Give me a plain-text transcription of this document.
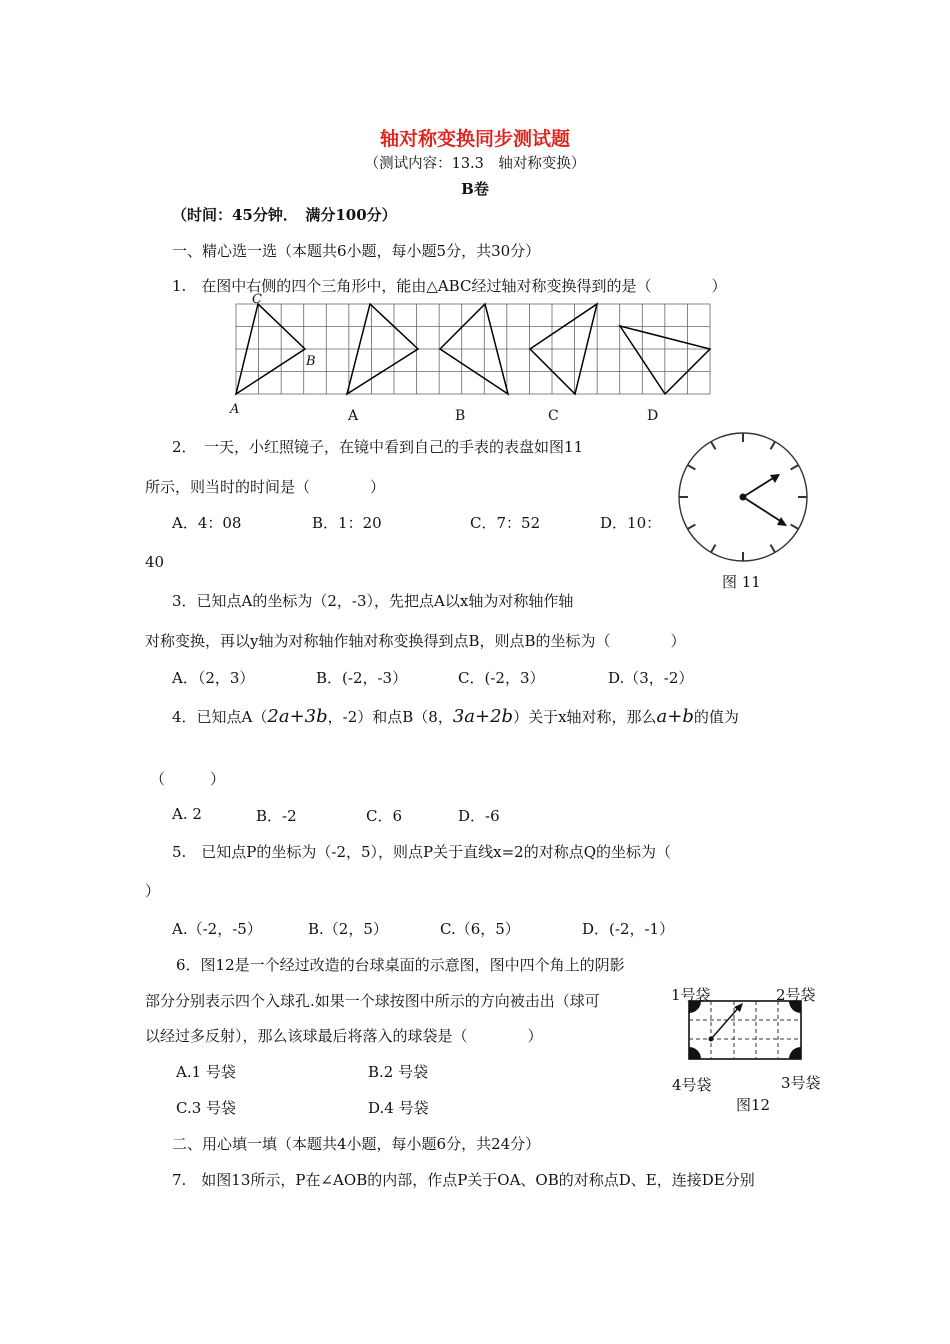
轴对称变换同步测试题
（测试内容：13.3　轴对称变换）
B卷
（时间：45分钟．　满分100分）
一、精心选一选（本题共6小题，每小题5分，共30分）
1.　在图中右侧的四个三角形中，能由△ABC经过轴对称变换得到的是（　　　　）
C
B
A	A	B	C	D
2．　一天，小红照镜子，在镜中看到自己的手表的表盘如图11
所示，则当时的时间是（　　　　）
A．4：08	B．1：20	C．7：52	D．10：
40
图 11
3．已知点A的坐标为（2，-3），先把点A以x轴为对称轴作轴
对称变换，再以y轴为对称轴作轴对称变换得到点B，则点B的坐标为（　　　　）
A．（2，3）	B．(-2，-3）	C．(-2，3）	D.（3，-2）
4．已知点A（2a+3b，-2）和点B（8，3a+2b）关于x轴对称，那么a+b的值为
（　　　）
A. 2	B．-2	C．6	D．-6
5.　已知点P的坐标为（-2，5），则点P关于直线x=2的对称点Q的坐标为（
）
A.（-2，-5）	B.（2，5）	C.（6，5）	D．(-2，-1）
6．图12是一个经过改造的台球桌面的示意图，图中四个角上的阴影
部分分别表示四个入球孔.如果一个球按图中所示的方向被击出（球可
以经过多反射），那么该球最后将落入的球袋是（　　　　）
A.1 号袋	B.2 号袋
C.3 号袋	D.4 号袋
1号袋	2号袋
4号袋	3号袋
图12
二、用心填一填（本题共4小题，每小题6分，共24分）
7.　如图13所示，P在∠AOB的内部，作点P关于OA、OB的对称点D、E，连接DE分别
